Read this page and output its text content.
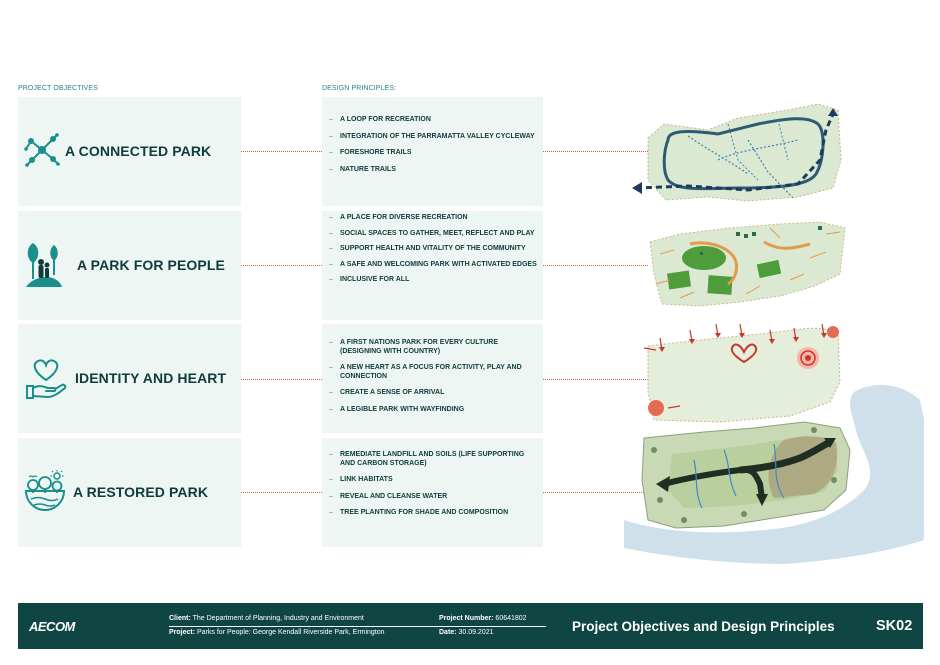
PROJECT OBJECTIVES	DESIGN PRINCIPLES:
A CONNECTED PARK
– A LOOP FOR RECREATION
– INTEGRATION OF THE PARRAMATTA VALLEY CYCLEWAY
– FORESHORE TRAILS
– NATURE TRAILS
A PARK FOR PEOPLE
– A PLACE FOR DIVERSE RECREATION
– SOCIAL SPACES TO GATHER, MEET, REFLECT AND PLAY
– SUPPORT HEALTH AND VITALITY OF THE COMMUNITY
– A SAFE AND WELCOMING PARK WITH ACTIVATED EDGES
– INCLUSIVE FOR ALL
IDENTITY AND HEART
– A FIRST NATIONS PARK FOR EVERY CULTURE (DESIGNING WITH COUNTRY)
– A NEW HEART AS A FOCUS FOR ACTIVITY, PLAY AND CONNECTION
– CREATE A SENSE OF ARRIVAL
– A LEGIBLE PARK WITH WAYFINDING
A RESTORED PARK
– REMEDIATE LANDFILL AND SOILS (LIFE SUPPORTING AND CARBON STORAGE)
– LINK HABITATS
– REVEAL AND CLEANSE WATER
– TREE PLANTING FOR SHADE AND COMPOSITION
AECOM
Client: The Department of Planning, Industry and Environment
Project: Parks for People: George Kendall Riverside Park, Ermington
Project Number: 60641802
Date: 30.09.2021	Project Objectives and Design Principles	SK02
